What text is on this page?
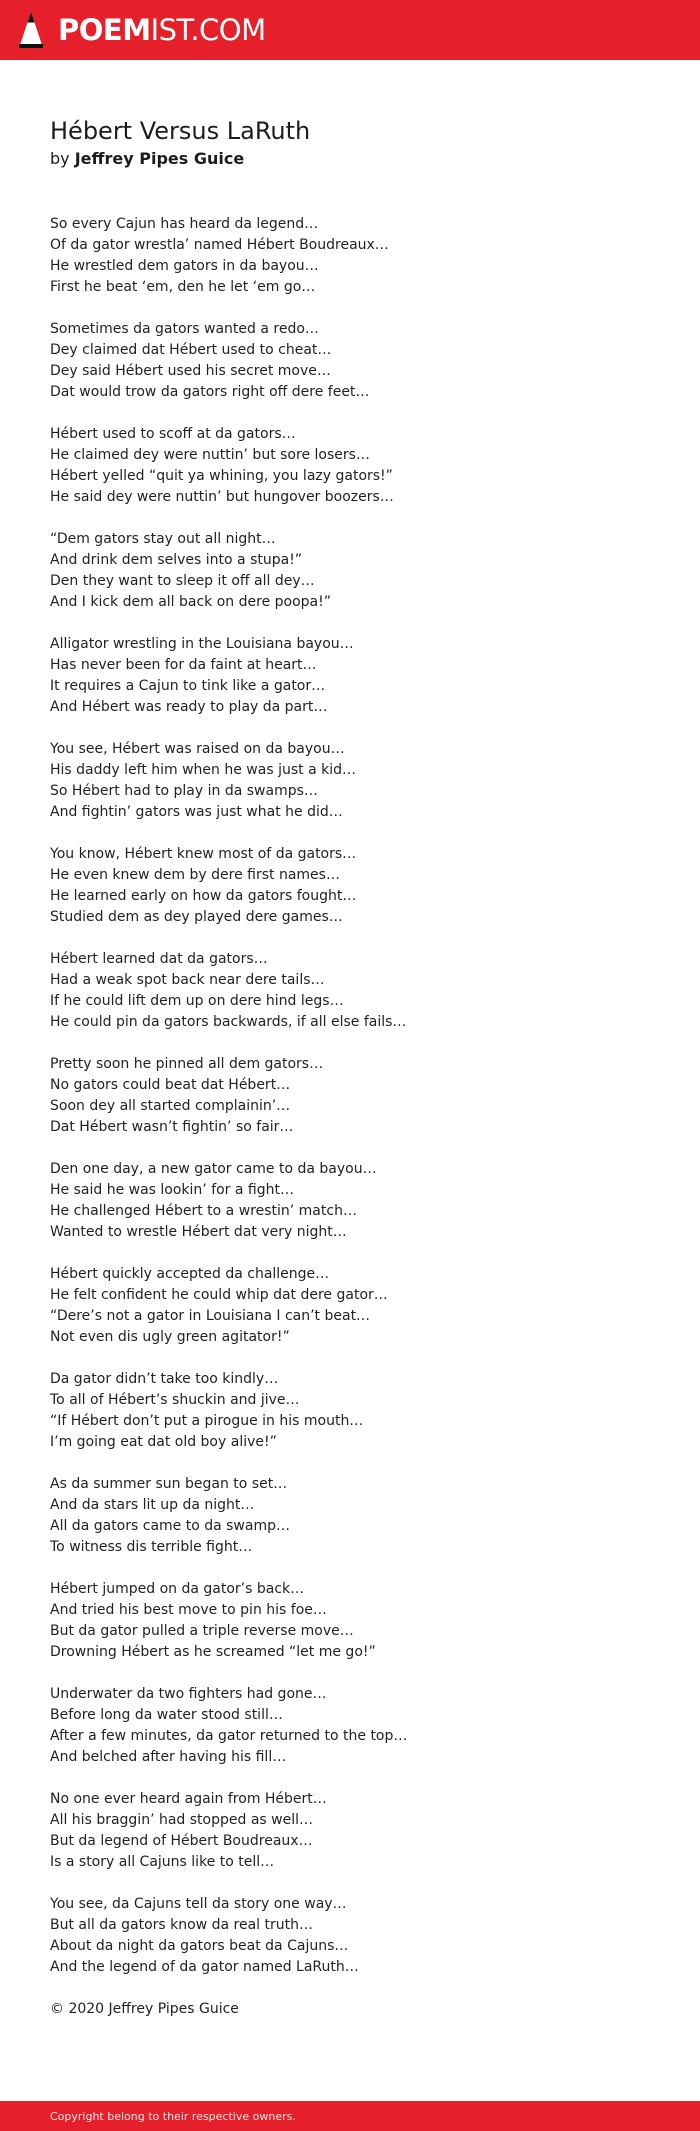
POEMIST.COM
Hébert Versus LaRuth

by Jeffrey Pipes Guice

So every Cajun has heard da legend…
Of da gator wrestla’ named Hébert Boudreaux…
He wrestled dem gators in da bayou…
First he beat ‘em, den he let ‘em go…
Sometimes da gators wanted a redo…
Dey claimed dat Hébert used to cheat…
Dey said Hébert used his secret move…
Dat would trow da gators right off dere feet…
Hébert used to scoff at da gators…
He claimed dey were nuttin’ but sore losers…
Hébert yelled “quit ya whining, you lazy gators!”
He said dey were nuttin’ but hungover boozers…
“Dem gators stay out all night…
And drink dem selves into a stupa!”
Den they want to sleep it off all dey…
And I kick dem all back on dere poopa!”
Alligator wrestling in the Louisiana bayou…
Has never been for da faint at heart…
It requires a Cajun to tink like a gator…
And Hébert was ready to play da part…
You see, Hébert was raised on da bayou…
His daddy left him when he was just a kid…
So Hébert had to play in da swamps…
And fightin’ gators was just what he did…
You know, Hébert knew most of da gators…
He even knew dem by dere first names…
He learned early on how da gators fought…
Studied dem as dey played dere games…
Hébert learned dat da gators…
Had a weak spot back near dere tails…
If he could lift dem up on dere hind legs…
He could pin da gators backwards, if all else fails…
Pretty soon he pinned all dem gators…
No gators could beat dat Hébert…
Soon dey all started complainin’…
Dat Hébert wasn’t fightin’ so fair…
Den one day, a new gator came to da bayou…
He said he was lookin’ for a fight…
He challenged Hébert to a wrestin’ match…
Wanted to wrestle Hébert dat very night…
Hébert quickly accepted da challenge…
He felt confident he could whip dat dere gator…
“Dere’s not a gator in Louisiana I can’t beat…
Not even dis ugly green agitator!”
Da gator didn’t take too kindly…
To all of Hébert’s shuckin and jive…
“If Hébert don’t put a pirogue in his mouth…
I’m going eat dat old boy alive!”
As da summer sun began to set…
And da stars lit up da night…
All da gators came to da swamp…
To witness dis terrible fight…
Hébert jumped on da gator’s back…
And tried his best move to pin his foe…
But da gator pulled a triple reverse move…
Drowning Hébert as he screamed “let me go!”
Underwater da two fighters had gone…
Before long da water stood still…
After a few minutes, da gator returned to the top…
And belched after having his fill…
No one ever heard again from Hébert…
All his braggin’ had stopped as well…
But da legend of Hébert Boudreaux…
Is a story all Cajuns like to tell…
You see, da Cajuns tell da story one way…
But all da gators know da real truth…
About da night da gators beat da Cajuns…
And the legend of da gator named LaRuth…
© 2020 Jeffrey Pipes Guice
Copyright belong to their respective owners.
